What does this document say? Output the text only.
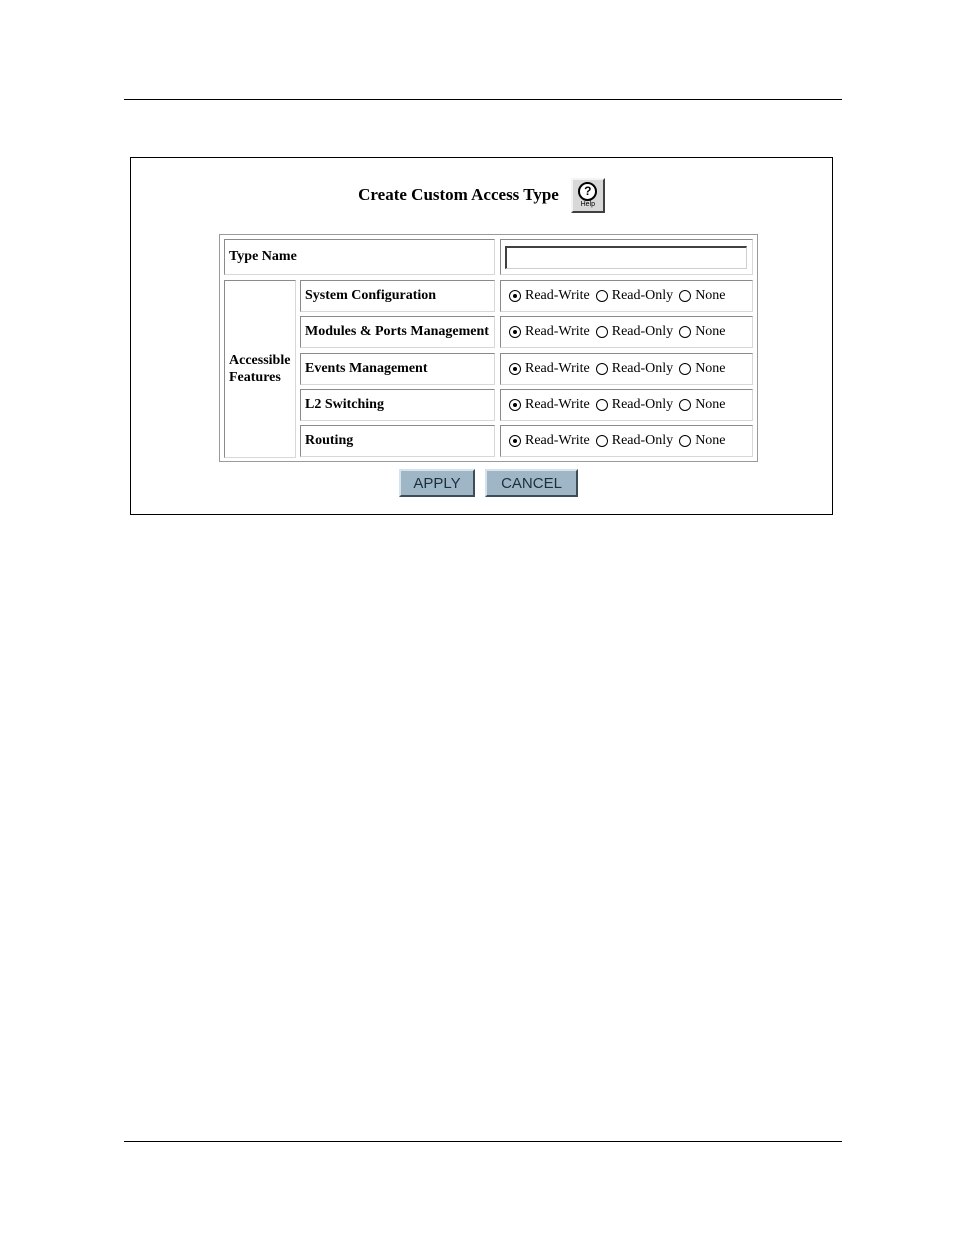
Create Custom Access Type	?
Help
Type Name
Accessible
Features
System Configuration	Read-Write Read-Only None
Modules & Ports Management	Read-Write Read-Only None
Events Management	Read-Write Read-Only None
L2 Switching	Read-Write Read-Only None
Routing	Read-Write Read-Only None
APPLY	CANCEL
